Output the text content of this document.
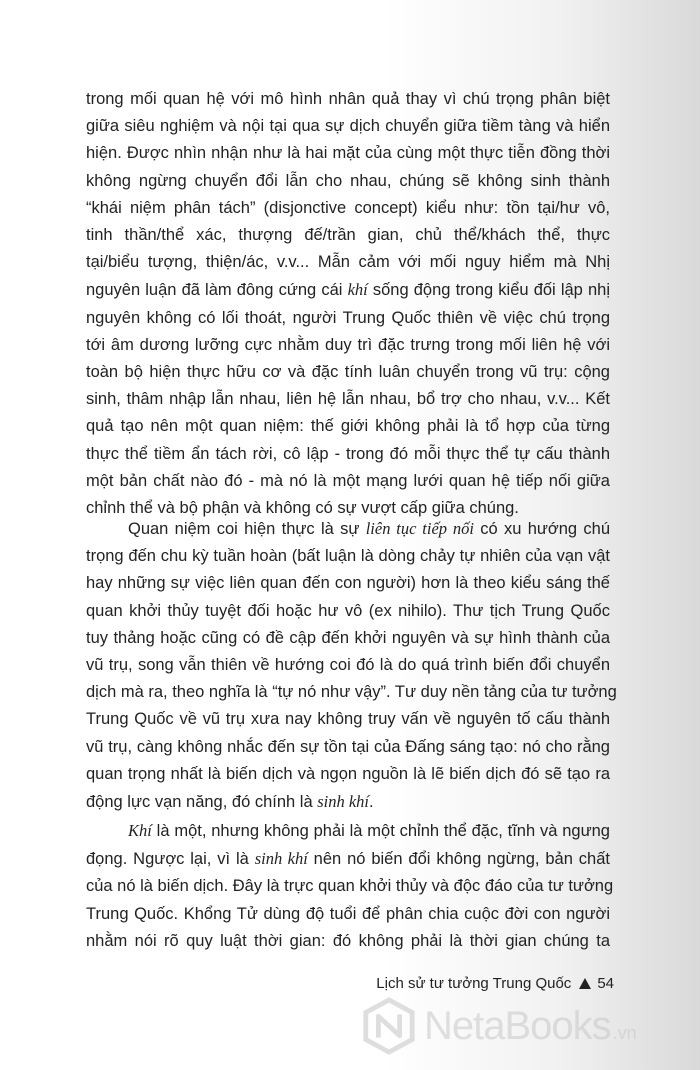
trong mối quan hệ với mô hình nhân quả thay vì chú trọng phân biệt
giữa siêu nghiệm và nội tại qua sự dịch chuyển giữa tiềm tàng và hiển
hiện. Được nhìn nhận như là hai mặt của cùng một thực tiễn đồng thời
không ngừng chuyển đổi lẫn cho nhau, chúng sẽ không sinh thành
“khái niệm phân tách” (disjonctive concept) kiểu như: tồn tại/hư vô,
tinh thần/thể xác, thượng đế/trần gian, chủ thể/khách thể, thực
tại/biểu tượng, thiện/ác, v.v... Mẫn cảm với mối nguy hiểm mà Nhị
nguyên luận đã làm đông cứng cái khí sống động trong kiểu đối lập nhị
nguyên không có lối thoát, người Trung Quốc thiên về việc chú trọng
tới âm dương lưỡng cực nhằm duy trì đặc trưng trong mối liên hệ với
toàn bộ hiện thực hữu cơ và đặc tính luân chuyển trong vũ trụ: cộng
sinh, thâm nhập lẫn nhau, liên hệ lẫn nhau, bổ trợ cho nhau, v.v... Kết
quả tạo nên một quan niệm: thế giới không phải là tổ hợp của từng
thực thể tiềm ẩn tách rời, cô lập - trong đó mỗi thực thể tự cấu thành
một bản chất nào đó - mà nó là một mạng lưới quan hệ tiếp nối giữa
chỉnh thể và bộ phận và không có sự vượt cấp giữa chúng.
Quan niệm coi hiện thực là sự liên tục tiếp nối có xu hướng chú
trọng đến chu kỳ tuần hoàn (bất luận là dòng chảy tự nhiên của vạn vật
hay những sự việc liên quan đến con người) hơn là theo kiểu sáng thế
quan khởi thủy tuyệt đối hoặc hư vô (ex nihilo). Thư tịch Trung Quốc
tuy thảng hoặc cũng có đề cập đến khởi nguyên và sự hình thành của
vũ trụ, song vẫn thiên về hướng coi đó là do quá trình biến đổi chuyển
dịch mà ra, theo nghĩa là “tự nó như vậy”. Tư duy nền tảng của tư tưởng
Trung Quốc về vũ trụ xưa nay không truy vấn về nguyên tố cấu thành
vũ trụ, càng không nhắc đến sự tồn tại của Đấng sáng tạo: nó cho rằng
quan trọng nhất là biến dịch và ngọn nguồn là lẽ biến dịch đó sẽ tạo ra
động lực vạn năng, đó chính là sinh khí.
Khí là một, nhưng không phải là một chỉnh thể đặc, tĩnh và ngưng
đọng. Ngược lại, vì là sinh khí nên nó biến đổi không ngừng, bản chất
của nó là biến dịch. Đây là trực quan khởi thủy và độc đáo của tư tưởng
Trung Quốc. Khổng Tử dùng độ tuổi để phân chia cuộc đời con người
nhằm nói rõ quy luật thời gian: đó không phải là thời gian chúng ta
Lịch sử tư tưởng Trung Quốc 54
NetaBooks .vn
